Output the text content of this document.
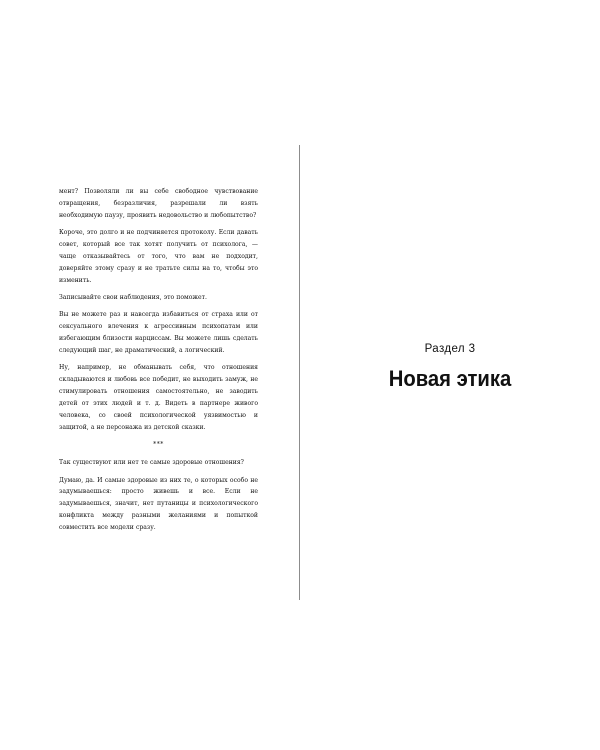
мент? Позволяли ли вы себе свободное чувствование отвращения, безразличия, разрешали ли взять необходимую паузу, проявить недовольство и любопытство?

Короче, это долго и не подчиняется протоколу. Если давать совет, который все так хотят получить от психолога, — чаще отказывайтесь от того, что вам не подходит, доверяйте этому сразу и не тратьте силы на то, чтобы это изменить.

Записывайте свои наблюдения, это поможет.

Вы не можете раз и навсегда избавиться от страха или от сексуального влечения к агрессивным психопатам или избегающим близости нарциссам. Вы можете лишь сделать следующий шаг, не драматический, а логический.

Ну, например, не обманывать себя, что отношения складываются и любовь все победит, не выходить замуж, не стимулировать отношения самостоятельно, не заводить детей от этих людей и т. д. Видеть в партнере живого человека, со своей психологической уязвимостью и защитой, а не персонажа из детской сказки.

***

Так существуют или нет те самые здоровые отношения?

Думаю, да. И самые здоровые из них те, о которых особо не задумываешься: просто живешь и все. Если не задумываешься, значит, нет путаницы и психологического конфликта между разными желаниями и попыткой совместить все модели сразу.

Раздел 3
Новая этика
